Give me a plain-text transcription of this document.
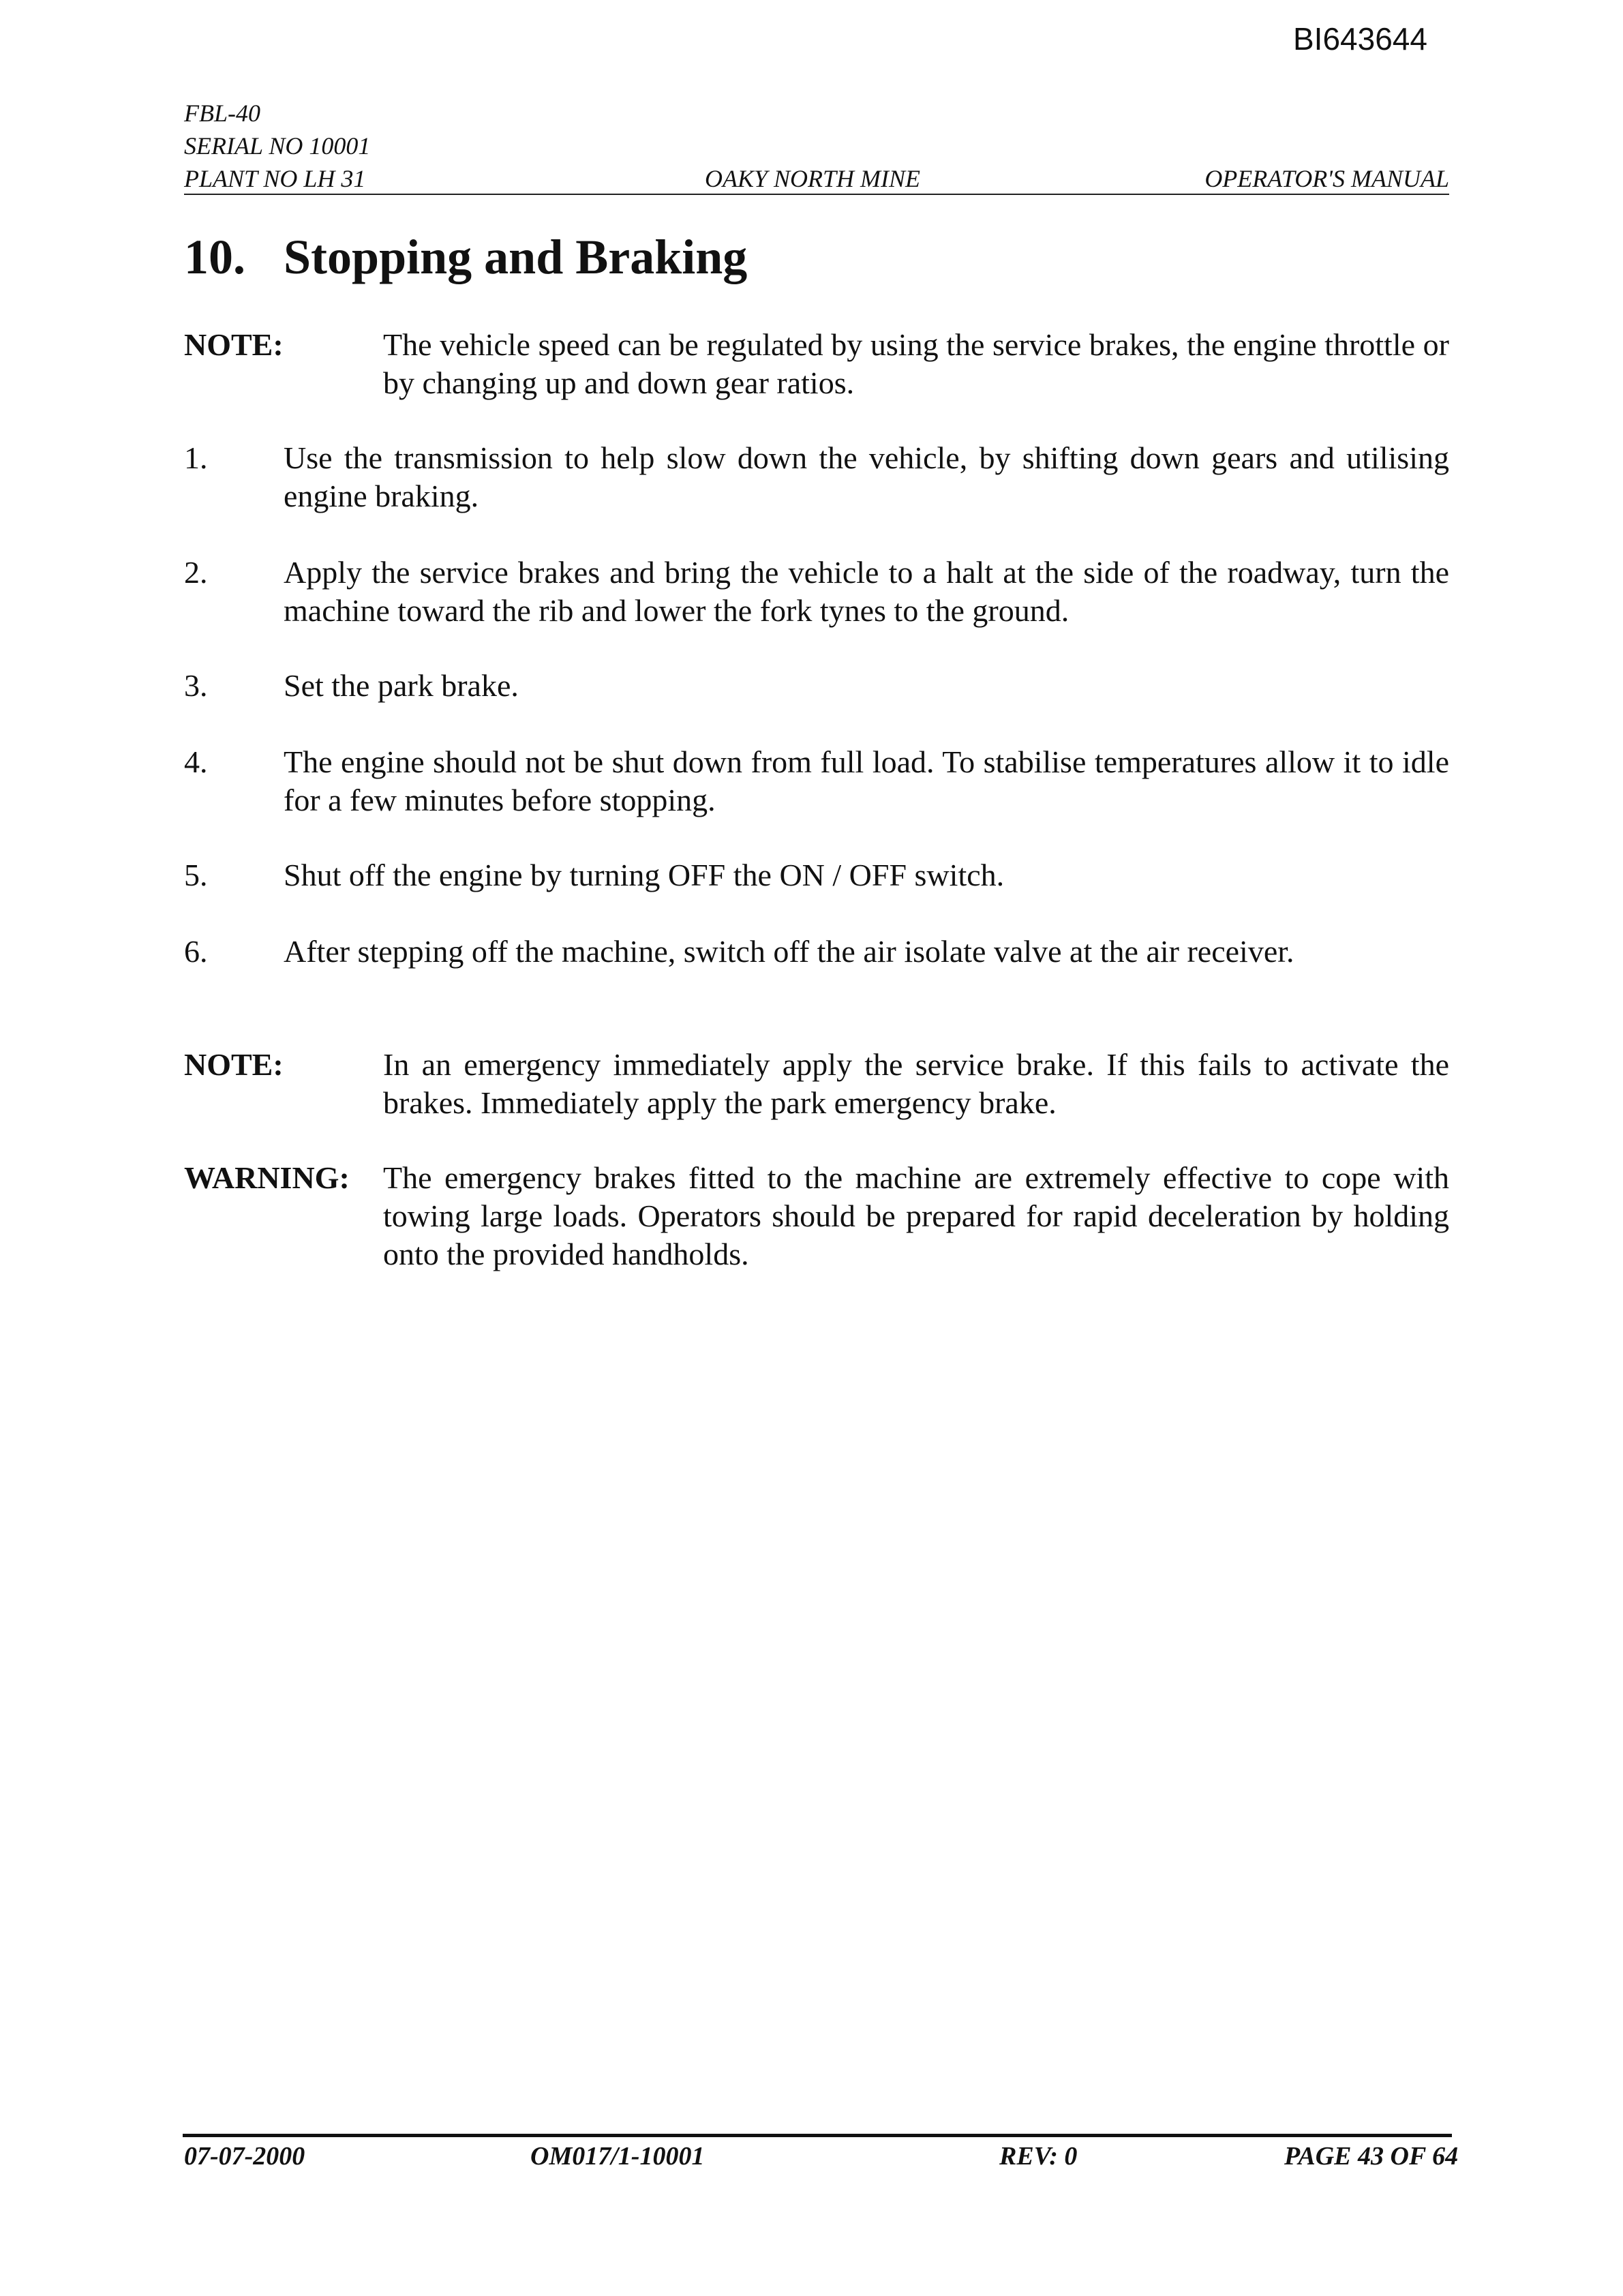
BI643644
FBL-40
SERIAL NO 10001
PLANT NO LH 31	OAKY NORTH MINE	OPERATOR'S MANUAL
10. Stopping and Braking
NOTE:	The vehicle speed can be regulated by using the service brakes, the engine throttle or by changing up and down gear ratios.
1. Use the transmission to help slow down the vehicle, by shifting down gears and utilising engine braking.
2. Apply the service brakes and bring the vehicle to a halt at the side of the roadway, turn the machine toward the rib and lower the fork tynes to the ground.
3. Set the park brake.
4. The engine should not be shut down from full load. To stabilise temperatures allow it to idle for a few minutes before stopping.
5. Shut off the engine by turning OFF the ON / OFF switch.
6. After stepping off the machine, switch off the air isolate valve at the air receiver.
NOTE:	In an emergency immediately apply the service brake. If this fails to activate the brakes. Immediately apply the park emergency brake.
WARNING: The emergency brakes fitted to the machine are extremely effective to cope with towing large loads. Operators should be prepared for rapid deceleration by holding onto the provided handholds.
07-07-2000	OM017/1-10001	REV: 0	PAGE 43 OF 64
